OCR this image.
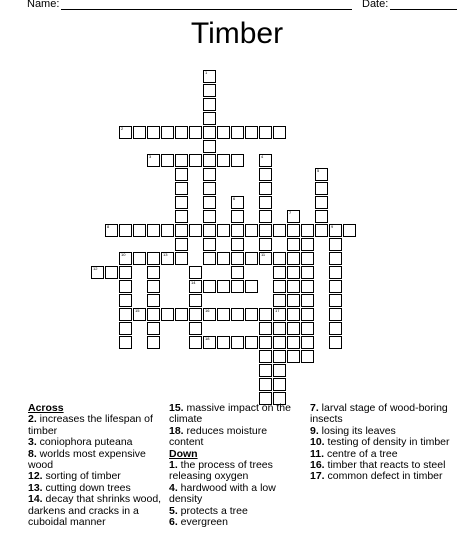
Name:	Date:
Timber
2
1
3	4
5
6
7
8	9
10	13	11
12
17
14
15	16
18
Across
2. increases the lifespan of timber
3. coniophora puteana
8. worlds most expensive wood
12. sorting of timber
13. cutting down trees
14. decay that shrinks wood, darkens and cracks in a cuboidal manner
15. massive impact on the climate
18. reduces moisture content
Down
1. the process of trees releasing oxygen
4. hardwood with a low density
5. protects a tree
6. evergreen
7. larval stage of wood-boring insects
9. losing its leaves
10. testing of density in timber
11. centre of a tree
16. timber that reacts to steel
17. common defect in timber
